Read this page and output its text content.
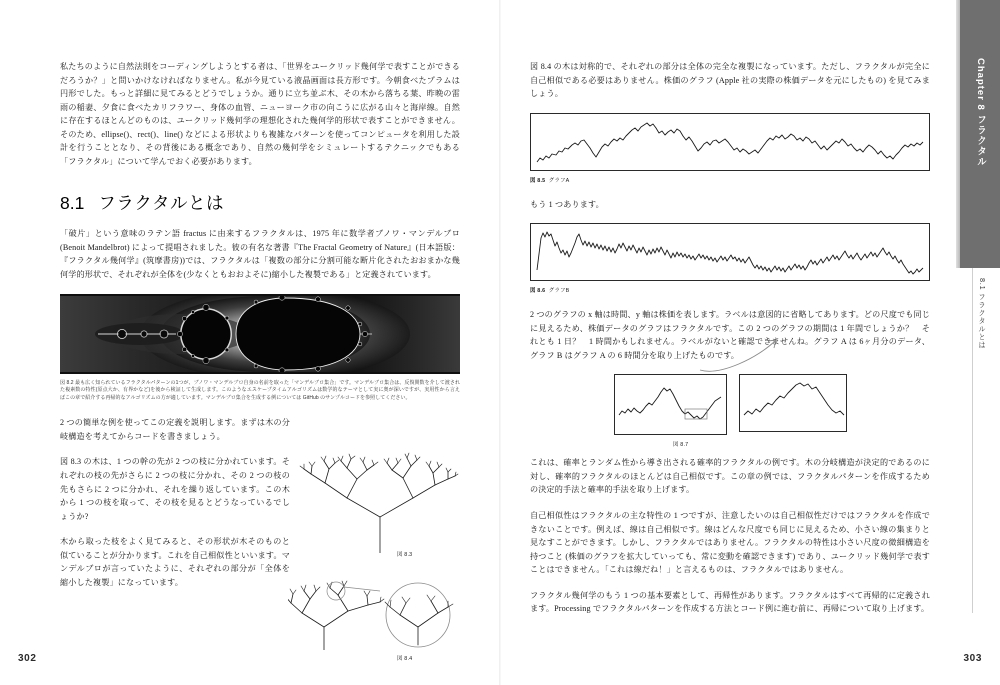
私たちのように自然法則をコーディングしようとする者は、「世界をユークリッド幾何学で表すことができるだろうか？」と問いかけなければなりません。私が今見ている液晶画面は長方形です。今朝食べたプラムは円形でした。もっと詳細に見てみるとどうでしょうか。通りに立ち並ぶ木、その木から落ちる葉、昨晩の雷雨の稲妻、夕食に食べたカリフラワー、身体の血管、ニューヨーク市の向こうに広がる山々と海岸線。自然に存在するほとんどのものは、ユークリッド幾何学の理想化された幾何学的形状で表すことができません。そのため、ellipse()、rect()、line() などによる形状よりも複雑なパターンを使ってコンピュータを利用した設計を行うこととなり、その背後にある概念であり、自然の幾何学をシミュレートするテクニックでもある「フラクタル」について学んでおく必要があります。

8.1 フラクタルとは

「破片」という意味のラテン語 fractus に由来するフラクタルは、1975 年に数学者ブノワ・マンデルブロ (Benoit Mandelbrot) によって提唱されました。彼の有名な著書『The Fractal Geometry of Nature』(日本語版：『フラクタル幾何学』(筑摩書房))では、フラクタルは「複数の部分に分割可能な断片化されたおおまかな幾何学的形状で、それぞれが全体を(少なくともおおよそに)縮小した複製である」と定義されています。

図 8.2 最も広く知られているフラクタルパターンの1つが、ブノワ・マンデルブロ自身の名前を取った「マンデルブロ集合」です。マンデルブロ集合は、反復関数を介して渡された複素数の特性(原点大か、有界かなど)を後から検証して生成します。このようなエスケープタイムアルゴリズムは数学的なテーマとして実に奥が深いですが、実用性から言えばこの章で紹介する再帰的なアルゴリズムの方が適しています。マンデルブロ集合を生成する例については GitHub のサンプルコードを参照してください。

2 つの簡単な例を使ってこの定義を説明します。まずは木の分岐構造を考えてからコードを書きましょう。

図 8.3 の木は、1 つの幹の先が 2 つの枝に分かれています。それぞれの枝の先がさらに 2 つの枝に分かれ、その 2 つの枝の先もさらに 2 つに分かれ、それを繰り返しています。この木から 1 つの枝を取って、その枝を見るとどうなっているでしょうか?

木から取った枝をよく見てみると、その形状が木そのものと似ていることが分かります。これを自己相似性といいます。マンデルブロが言っていたように、それぞれの部分が「全体を縮小した複製」になっています。

図 8.3

図 8.4

302

図 8.4 の木は対称的で、それぞれの部分は全体の完全な複製になっています。ただし、フラクタルが完全に自己相似である必要はありません。株価のグラフ (Apple 社の実際の株価データを元にしたもの) を見てみましょう。

図 8.5 グラフA

もう 1 つあります。

図 8.6 グラフB

2 つのグラフの x 軸は時間、y 軸は株価を表します。ラベルは意図的に省略してあります。どの尺度でも同じに見えるため、株価データのグラフはフラクタルです。この 2 つのグラフの期間は 1 年間でしょうか？　それとも 1 日？　1 時間かもしれません。ラベルがないと確認できませんね。グラフ A は 6ヶ月分のデータ、グラフ B はグラフ A の 6 時間分を取り上げたものです。

図 8.7

これは、確率とランダム性から導き出される確率的フラクタルの例です。木の分岐構造が決定的であるのに対し、確率的フラクタルのほとんどは自己相似です。この章の例では、フラクタルパターンを作成するための決定的手法と確率的手法を取り上げます。

自己相似性はフラクタルの主な特性の 1 つですが、注意したいのは自己相似性だけではフラクタルを作成できないことです。例えば、線は自己相似です。線はどんな尺度でも同じに見えるため、小さい線の集まりと見なすことができます。しかし、フラクタルではありません。フラクタルの特性は小さい尺度の微細構造を持つこと (株価のグラフを拡大していっても、常に変動を確認できます) であり、ユークリッド幾何学で表すことはできません。「これは線だね！」と言えるものは、フラクタルではありません。

フラクタル幾何学のもう 1 つの基本要素として、再帰性があります。フラクタルはすべて再帰的に定義されます。Processing でフラクタルパターンを作成する方法とコード例に進む前に、再帰について取り上げます。

303
Chapter 8 フラクタル
8.1 フラクタルとは
